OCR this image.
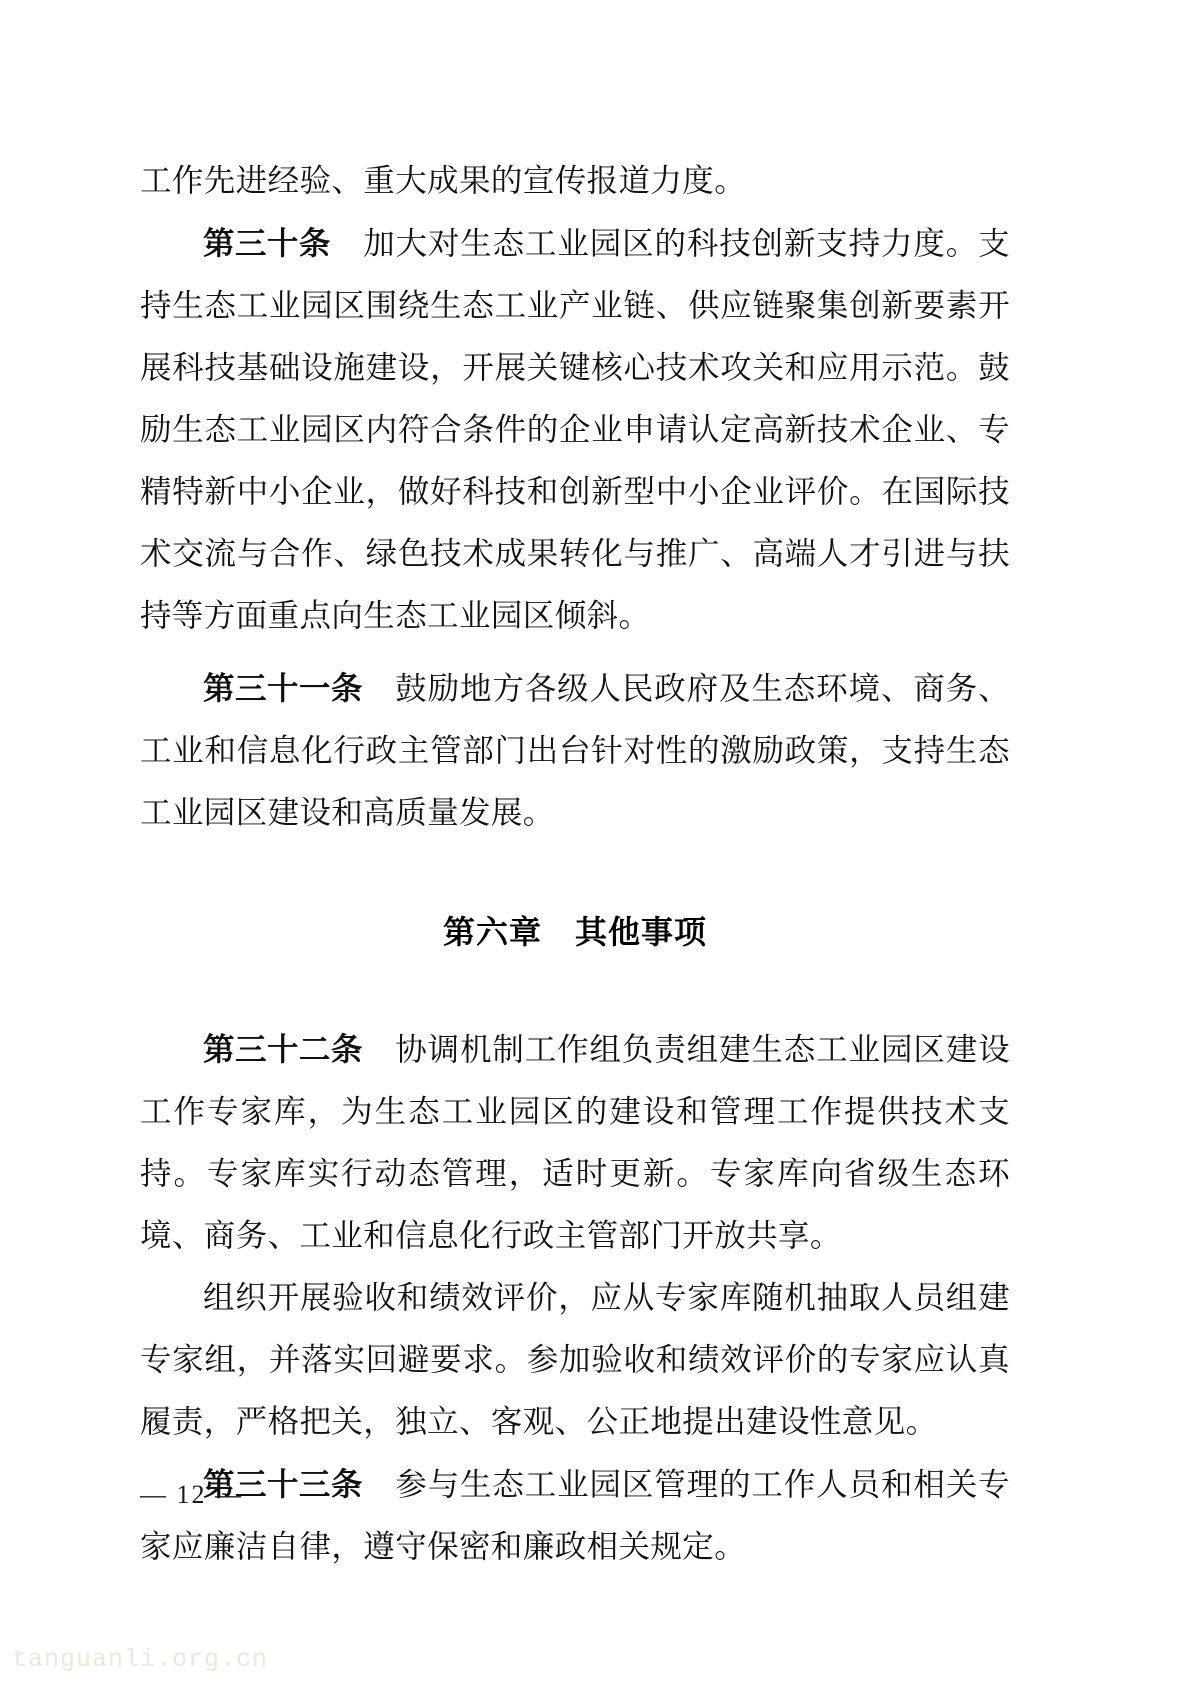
工作先进经验、重大成果的宣传报道力度。

第三十条　加大对生态工业园区的科技创新支持力度。支持生态工业园区围绕生态工业产业链、供应链聚集创新要素开展科技基础设施建设，开展关键核心技术攻关和应用示范。鼓励生态工业园区内符合条件的企业申请认定高新技术企业、专精特新中小企业，做好科技和创新型中小企业评价。在国际技术交流与合作、绿色技术成果转化与推广、高端人才引进与扶持等方面重点向生态工业园区倾斜。

第三十一条　鼓励地方各级人民政府及生态环境、商务、工业和信息化行政主管部门出台针对性的激励政策，支持生态工业园区建设和高质量发展。

第六章　其他事项

第三十二条　协调机制工作组负责组建生态工业园区建设工作专家库，为生态工业园区的建设和管理工作提供技术支持。专家库实行动态管理，适时更新。专家库向省级生态环境、商务、工业和信息化行政主管部门开放共享。

组织开展验收和绩效评价，应从专家库随机抽取人员组建专家组，并落实回避要求。参加验收和绩效评价的专家应认真履责，严格把关，独立、客观、公正地提出建设性意见。

第三十三条　参与生态工业园区管理的工作人员和相关专家应廉洁自律，遵守保密和廉政相关规定。

— 12 —
tanguanli.org.cn
